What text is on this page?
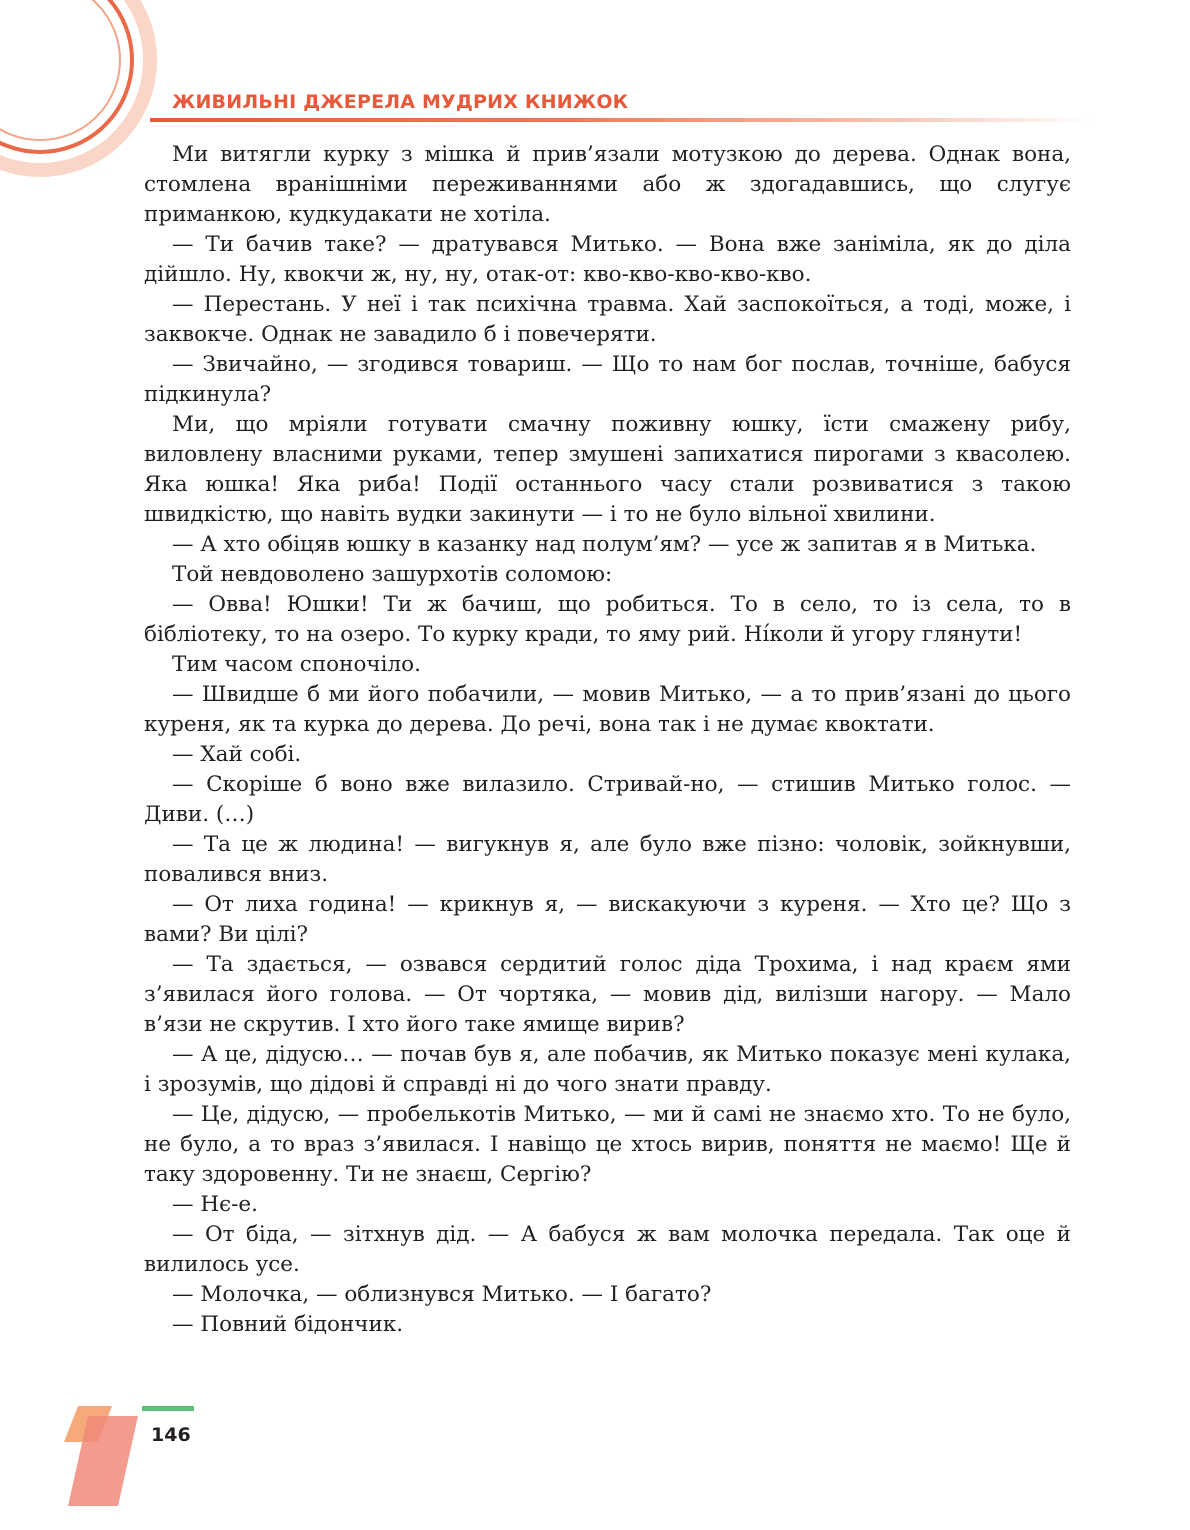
ЖИВИЛЬНІ ДЖЕРЕЛА МУДРИХ КНИЖОК

Ми витягли курку з мішка й прив’язали мотузкою до дерева. Однак вона, стомлена вранішніми переживаннями або ж здогадавшись, що слугує приманкою, кудкудакати не хотіла.

— Ти бачив таке? — дратувався Митько. — Вона вже заніміла, як до діла дійшло. Ну, квокчи ж, ну, ну, отак-от: кво-кво-кво-кво-кво.

— Перестань. У неї і так психічна травма. Хай заспокоїться, а тоді, може, і заквокче. Однак не завадило б і повечеряти.

— Звичайно, — згодився товариш. — Що то нам бог послав, точніше, бабуся підкинула?

Ми, що мріяли готувати смачну поживну юшку, їсти смажену рибу, виловлену власними руками, тепер змушені запихатися пирогами з квасолею. Яка юшка! Яка риба! Події останнього часу стали розвиватися з такою швидкістю, що навіть вудки закинути — і то не було вільної хвилини.

— А хто обіцяв юшку в казанку над полум’ям? — усе ж запитав я в Митька.

Той невдоволено зашурхотів соломою:

— Овва! Юшки! Ти ж бачиш, що робиться. То в село, то із села, то в бібліотеку, то на озеро. То курку кради, то яму рий. Ні́коли й угору глянути!

Тим часом споночіло.

— Швидше б ми його побачили, — мовив Митько, — а то прив’язані до цього куреня, як та курка до дерева. До речі, вона так і не думає квоктати.

— Хай собі.

— Скоріше б воно вже вилазило. Стривай-но, — стишив Митько голос. — Диви. (…)

— Та це ж людина! — вигукнув я, але було вже пізно: чоловік, зойкнувши, повалився вниз.

— От лиха година! — крикнув я, — вискакуючи з куреня. — Хто це? Що з вами? Ви цілі?

— Та здається, — озвався сердитий голос діда Трохима, і над краєм ями з’явилася його голова. — От чортяка, — мовив дід, вилізши нагору. — Мало в’язи не скрутив. І хто його таке ямище вирив?

— А це, дідусю… — почав був я, але побачив, як Митько показує мені кулака, і зрозумів, що дідові й справді ні до чого знати правду.

— Це, дідусю, — пробелькотів Митько, — ми й самі не знаємо хто. То не було, не було, а то враз з’явилася. І навіщо це хтось вирив, поняття не маємо! Ще й таку здоровенну. Ти не знаєш, Сергію?

— Нє-е.

— От біда, — зітхнув дід. — А бабуся ж вам молочка передала. Так оце й вилилось усе.

— Молочка, — облизнувся Митько. — І багато?

— Повний бідончик.

146
